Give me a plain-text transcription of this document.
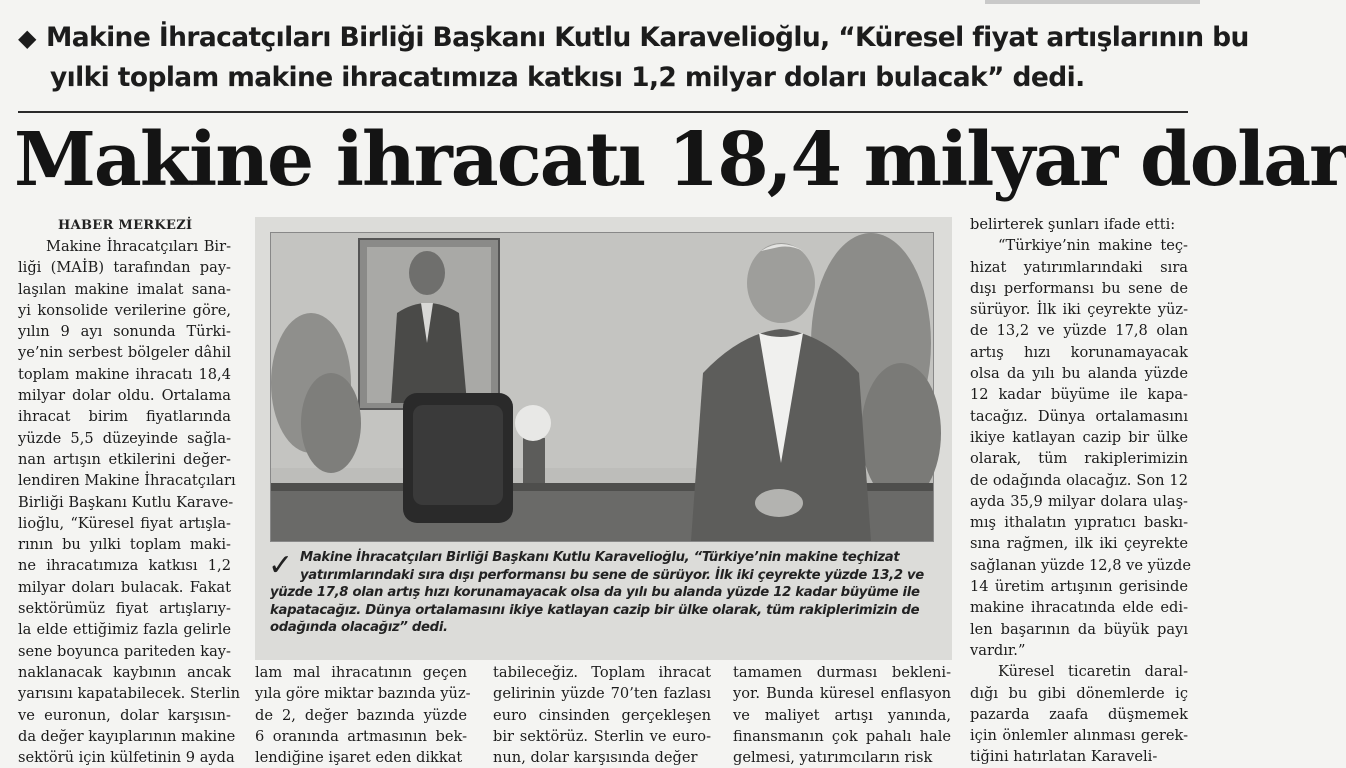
◆ Makine İhracatçıları Birliği Başkanı Kutlu Karavelioğlu, “Küresel fiyat artışlarının bu
yılki toplam makine ihracatımıza katkısı 1,2 milyar doları bulacak” dedi.
Makine ihracatı 18,4 milyar dolar
HABER MERKEZİ
Makine İhracatçıları Bir-
liği (MAİB) tarafından pay-
laşılan makine imalat sana-
yi konsolide verilerine göre,
yılın 9 ayı sonunda Türki-
ye’nin serbest bölgeler dâhil
toplam makine ihracatı 18,4
milyar dolar oldu. Ortalama
ihracat birim fiyatlarında
yüzde 5,5 düzeyinde sağla-
nan artışın etkilerini değer-
lendiren Makine İhracatçıları
Birliği Başkanı Kutlu Karave-
lioğlu, “Küresel fiyat artışla-
rının bu yılki toplam maki-
ne ihracatımıza katkısı 1,2
milyar doları bulacak. Fakat
sektörümüz fiyat artışlarıy-
la elde ettiğimiz fazla gelirle
sene boyunca pariteden kay-
naklanacak kaybının ancak
yarısını kapatabilecek. Sterlin
ve euronun, dolar karşısın-
da değer kayıplarının makine
sektörü için külfetinin 9 ayda
✓ Makine İhracatçıları Birliği Başkanı Kutlu Karavelioğlu, “Türkiye’nin makine teçhizat
yatırımlarındaki sıra dışı performansı bu sene de sürüyor. İlk iki çeyrekte yüzde 13,2 ve
yüzde 17,8 olan artış hızı korunamayacak olsa da yılı bu alanda yüzde 12 kadar büyüme ile
kapatacağız. Dünya ortalamasını ikiye katlayan cazip bir ülke olarak, tüm rakiplerimizin de
odağında olacağız” dedi.
lam mal ihracatının geçen
yıla göre miktar bazında yüz-
de 2, değer bazında yüzde
6 oranında artmasının bek-
lendiğine işaret eden dikkat
tabileceğiz. Toplam ihracat
gelirinin yüzde 70’ten fazlası
euro cinsinden gerçekleşen
bir sektörüz. Sterlin ve euro-
nun, dolar karşısında değer
tamamen durması bekleni-
yor. Bunda küresel enflasyon
ve maliyet artışı yanında,
finansmanın çok pahalı hale
gelmesi, yatırımcıların risk
belirterek şunları ifade etti:
“Türkiye’nin makine teç-
hizat yatırımlarındaki sıra
dışı performansı bu sene de
sürüyor. İlk iki çeyrekte yüz-
de 13,2 ve yüzde 17,8 olan
artış hızı korunamayacak
olsa da yılı bu alanda yüzde
12 kadar büyüme ile kapa-
tacağız. Dünya ortalamasını
ikiye katlayan cazip bir ülke
olarak, tüm rakiplerimizin
de odağında olacağız. Son 12
ayda 35,9 milyar dolara ulaş-
mış ithalatın yıpratıcı baskı-
sına rağmen, ilk iki çeyrekte
sağlanan yüzde 12,8 ve yüzde
14 üretim artışının gerisinde
makine ihracatında elde edi-
len başarının da büyük payı
vardır.”
Küresel ticaretin daral-
dığı bu gibi dönemlerde iç
pazarda zaafa düşmemek
için önlemler alınması gerek-
tiğini hatırlatan Karaveli-
